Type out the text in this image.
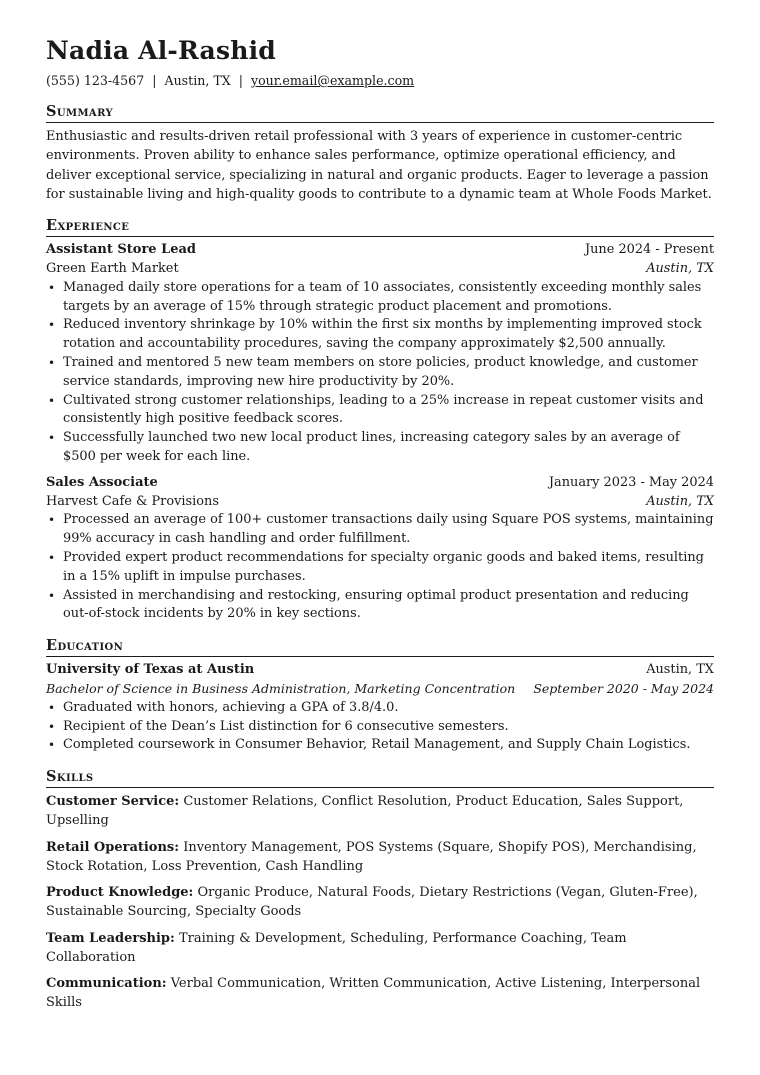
Nadia Al-Rashid
(555) 123-4567 | Austin, TX | your.email@example.com
Summary
Enthusiastic and results-driven retail professional with 3 years of experience in customer-centric environments. Proven ability to enhance sales performance, optimize operational efficiency, and deliver exceptional service, specializing in natural and organic products. Eager to leverage a passion for sustainable living and high-quality goods to contribute to a dynamic team at Whole Foods Market.
Experience
Assistant Store Lead	June 2024 - Present
Green Earth Market	Austin, TX
• Managed daily store operations for a team of 10 associates, consistently exceeding monthly sales targets by an average of 15% through strategic product placement and promotions.
• Reduced inventory shrinkage by 10% within the first six months by implementing improved stock rotation and accountability procedures, saving the company approximately $2,500 annually.
• Trained and mentored 5 new team members on store policies, product knowledge, and customer service standards, improving new hire productivity by 20%.
• Cultivated strong customer relationships, leading to a 25% increase in repeat customer visits and consistently high positive feedback scores.
• Successfully launched two new local product lines, increasing category sales by an average of $500 per week for each line.
Sales Associate	January 2023 - May 2024
Harvest Cafe & Provisions	Austin, TX
• Processed an average of 100+ customer transactions daily using Square POS systems, maintaining 99% accuracy in cash handling and order fulfillment.
• Provided expert product recommendations for specialty organic goods and baked items, resulting in a 15% uplift in impulse purchases.
• Assisted in merchandising and restocking, ensuring optimal product presentation and reducing out-of-stock incidents by 20% in key sections.
Education
University of Texas at Austin	Austin, TX
Bachelor of Science in Business Administration, Marketing Concentration September 2020 - May 2024
• Graduated with honors, achieving a GPA of 3.8/4.0.
• Recipient of the Dean’s List distinction for 6 consecutive semesters.
• Completed coursework in Consumer Behavior, Retail Management, and Supply Chain Logistics.
Skills
Customer Service: Customer Relations, Conflict Resolution, Product Education, Sales Support, Upselling
Retail Operations: Inventory Management, POS Systems (Square, Shopify POS), Merchandising, Stock Rotation, Loss Prevention, Cash Handling
Product Knowledge: Organic Produce, Natural Foods, Dietary Restrictions (Vegan, Gluten-Free), Sustainable Sourcing, Specialty Goods
Team Leadership: Training & Development, Scheduling, Performance Coaching, Team Collaboration
Communication: Verbal Communication, Written Communication, Active Listening, Interpersonal Skills
